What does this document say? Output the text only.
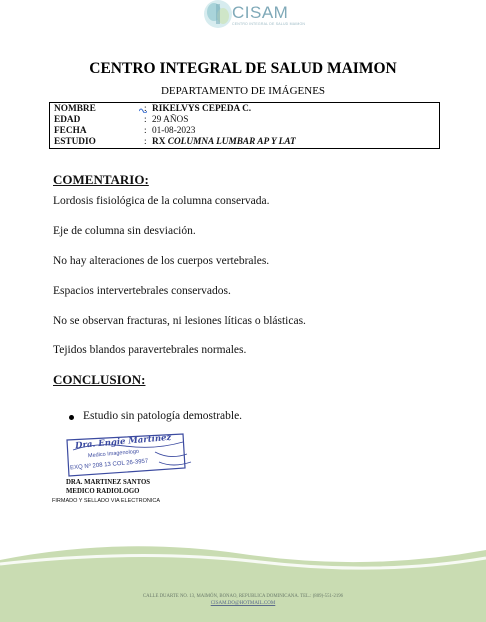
CISAM
CENTRO INTEGRAL DE SALUD MAIMON
CENTRO INTEGRAL DE SALUD MAIMON
DEPARTAMENTO DE IMÁGENES
NOMBRE	: RIKELVYS CEPEDA C.
EDAD	: 29 AÑOS
FECHA	: 01-08-2023
ESTUDIO	: RX COLUMNA LUMBAR AP Y LAT
COMENTARIO:
Lordosis fisiológica de la columna conservada.
Eje de columna sin desviación.
No hay alteraciones de los cuerpos vertebrales.
Espacios intervertebrales conservados.
No se observan fracturas, ni lesiones líticas o blásticas.
Tejidos blandos paravertebrales normales.
CONCLUSION:
Estudio sin patología demostrable.
Dra. Engie Martinez
Medico Imagenologo
EXQ Nº 208 13 COL 26-3957
DRA. MARTINEZ SANTOS
MEDICO RADIOLOGO
FIRMADO Y SELLADO VIA ELECTRONICA
CALLE DUARTE NO. 13, MAIMÓN, BONAO, REPUBLICA DOMINICANA. TEL.: (809)-551-2196
CISAM.DO@HOTMAIL.COM
